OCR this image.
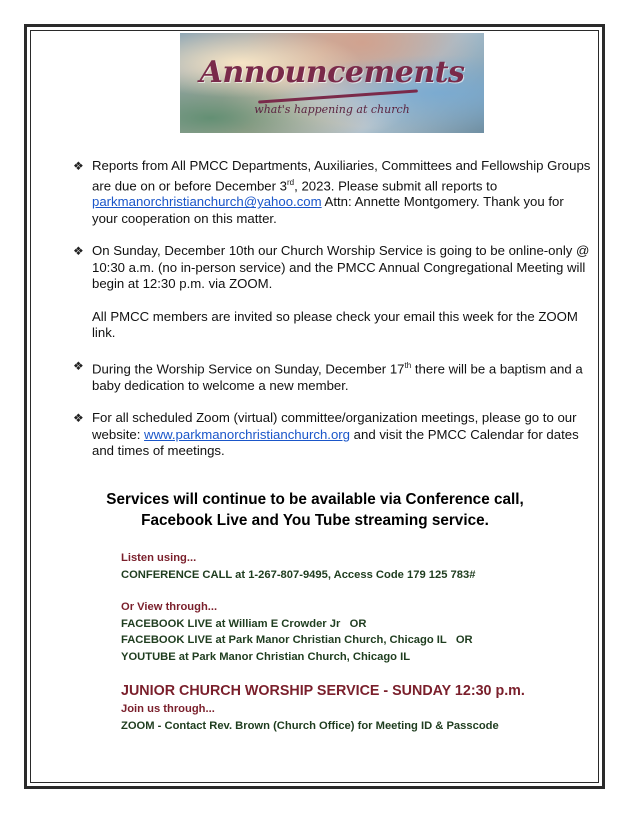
Announcements
what's happening at church
❖ Reports from All PMCC Departments, Auxiliaries, Committees and Fellowship Groups are due on or before December 3rd, 2023. Please submit all reports to parkmanorchristianchurch@yahoo.com Attn: Annette Montgomery. Thank you for your cooperation on this matter.

❖ On Sunday, December 10th our Church Worship Service is going to be online-only @ 10:30 a.m. (no in-person service) and the PMCC Annual Congregational Meeting will begin at 12:30 p.m. via ZOOM.

All PMCC members are invited so please check your email this week for the ZOOM link.

❖ During the Worship Service on Sunday, December 17th there will be a baptism and a baby dedication to welcome a new member.

❖ For all scheduled Zoom (virtual) committee/organization meetings, please go to our website: www.parkmanorchristianchurch.org and visit the PMCC Calendar for dates and times of meetings.

Services will continue to be available via Conference call,
Facebook Live and You Tube streaming service.
Listen using...
CONFERENCE CALL at 1-267-807-9495, Access Code 179 125 783#
Or View through...
FACEBOOK LIVE at William E Crowder Jr   OR
FACEBOOK LIVE at Park Manor Christian Church, Chicago IL   OR
YOUTUBE at Park Manor Christian Church, Chicago IL
JUNIOR CHURCH WORSHIP SERVICE - SUNDAY 12:30 p.m.
Join us through...
ZOOM - Contact Rev. Brown (Church Office) for Meeting ID & Passcode
